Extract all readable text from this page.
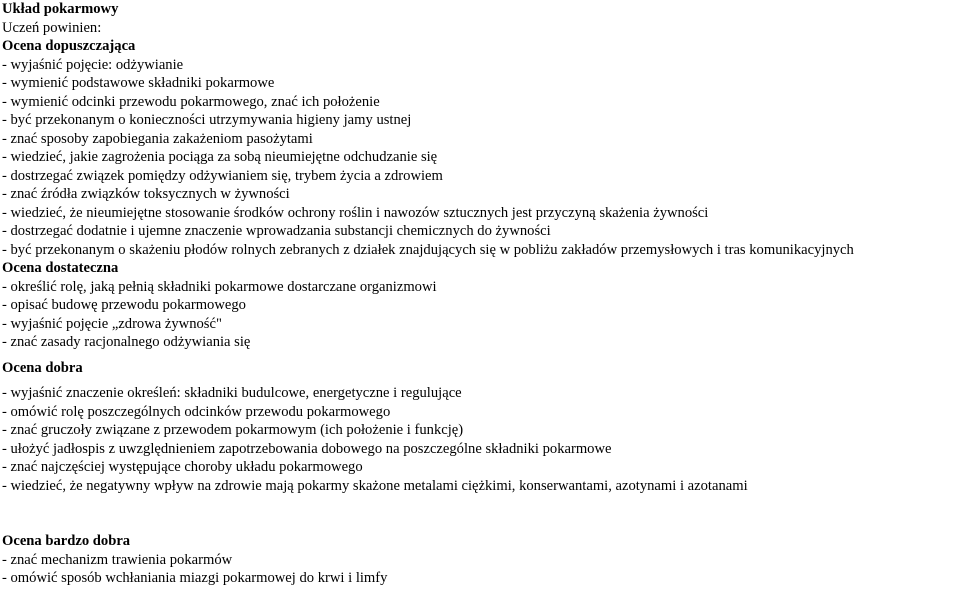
Układ pokarmowy
Uczeń powinien:
Ocena dopuszczająca
- wyjaśnić pojęcie: odżywianie
- wymienić podstawowe składniki pokarmowe
- wymienić odcinki przewodu pokarmowego, znać ich położenie
- być przekonanym o konieczności utrzymywania higieny jamy ustnej
- znać sposoby zapobiegania zakażeniom pasożytami
- wiedzieć, jakie zagrożenia pociąga za sobą nieumiejętne odchudzanie się
- dostrzegać związek pomiędzy odżywianiem się, trybem życia a zdrowiem
- znać źródła związków toksycznych w żywności
- wiedzieć, że nieumiejętne stosowanie środków ochrony roślin i nawozów sztucznych jest przyczyną skażenia żywności
- dostrzegać dodatnie i ujemne znaczenie wprowadzania substancji chemicznych do żywności
- być przekonanym o skażeniu płodów rolnych zebranych z działek znajdujących się w pobliżu zakładów przemysłowych i tras komunikacyjnych
Ocena dostateczna
- określić rolę, jaką pełnią składniki pokarmowe dostarczane organizmowi
- opisać budowę przewodu pokarmowego
- wyjaśnić pojęcie „zdrowa żywność"
- znać zasady racjonalnego odżywiania się
Ocena dobra
- wyjaśnić znaczenie określeń: składniki budulcowe, energetyczne i regulujące
- omówić rolę poszczególnych odcinków przewodu pokarmowego
- znać gruczoły związane z przewodem pokarmowym (ich położenie i funkcję)
- ułożyć jadłospis z uwzględnieniem zapotrzebowania dobowego na poszczególne składniki pokarmowe
- znać najczęściej występujące choroby układu pokarmowego
- wiedzieć, że negatywny wpływ na zdrowie mają pokarmy skażone metalami ciężkimi, konserwantami, azotynami i azotanami
Ocena bardzo dobra
- znać mechanizm trawienia pokarmów
- omówić sposób wchłaniania miazgi pokarmowej do krwi i limfy
